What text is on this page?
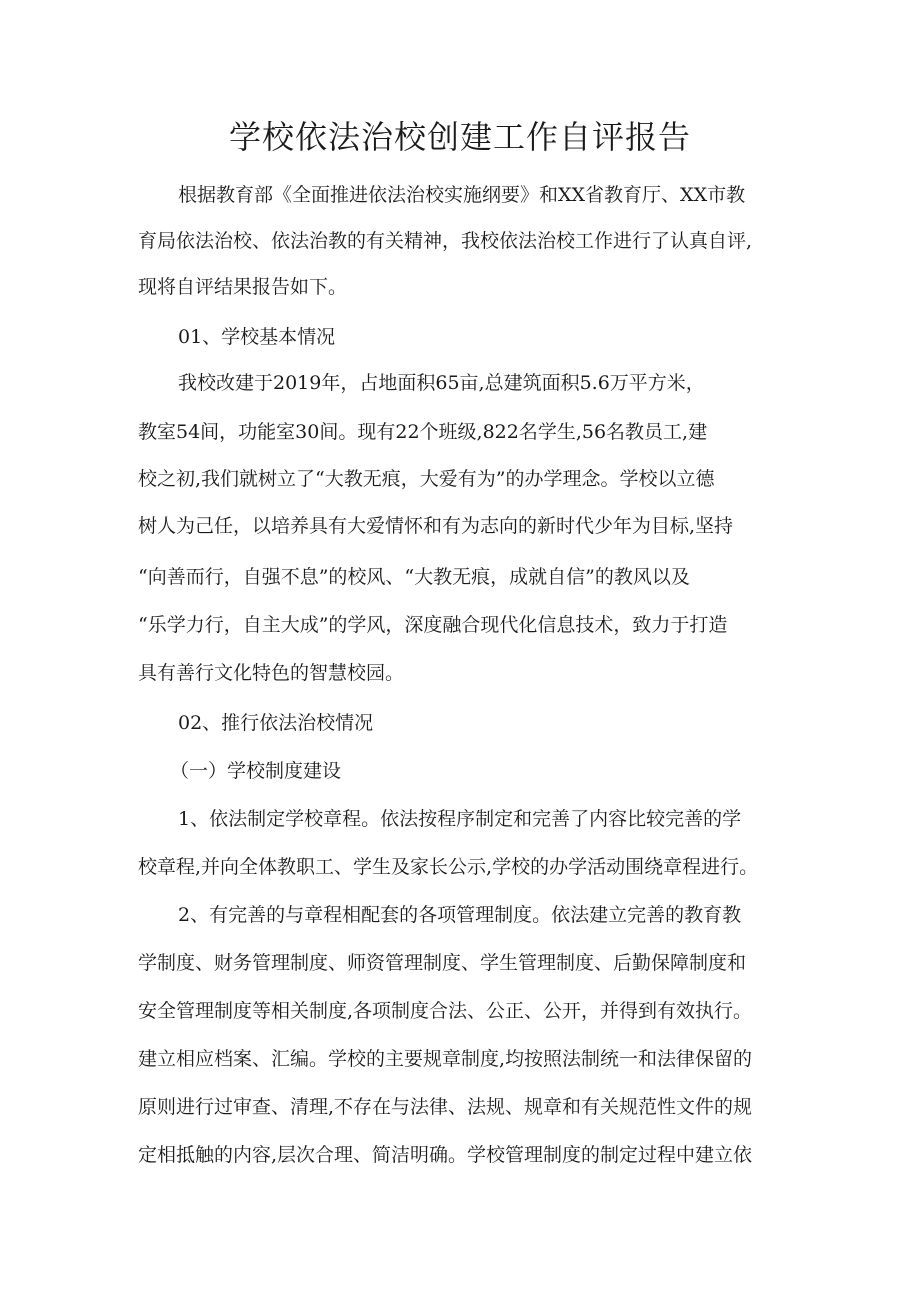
学校依法治校创建工作自评报告

根据教育部《全面推进依法治校实施纲要》和XX省教育厅、XX市教

育局依法治校、依法治教的有关精神，我校依法治校工作进行了认真自评,

现将自评结果报告如下。

01、学校基本情况

我校改建于2019年，占地面积65亩,总建筑面积5.6万平方米，

教室54间，功能室30间。现有22个班级,822名学生,56名教员工,建

校之初,我们就树立了“大教无痕，大爱有为”的办学理念。学校以立德

树人为己任，以培养具有大爱情怀和有为志向的新时代少年为目标,坚持

“向善而行，自强不息”的校风、“大教无痕，成就自信”的教风以及

“乐学力行，自主大成”的学风，深度融合现代化信息技术，致力于打造

具有善行文化特色的智慧校园。

02、推行依法治校情况

（一）学校制度建设

1、依法制定学校章程。依法按程序制定和完善了内容比较完善的学

校章程,并向全体教职工、学生及家长公示,学校的办学活动围绕章程进行。

2、有完善的与章程相配套的各项管理制度。依法建立完善的教育教

学制度、财务管理制度、师资管理制度、学生管理制度、后勤保障制度和

安全管理制度等相关制度,各项制度合法、公正、公开，并得到有效执行。

建立相应档案、汇编。学校的主要规章制度,均按照法制统一和法律保留的

原则进行过审查、清理,不存在与法律、法规、规章和有关规范性文件的规

定相抵触的内容,层次合理、简洁明确。学校管理制度的制定过程中建立依
